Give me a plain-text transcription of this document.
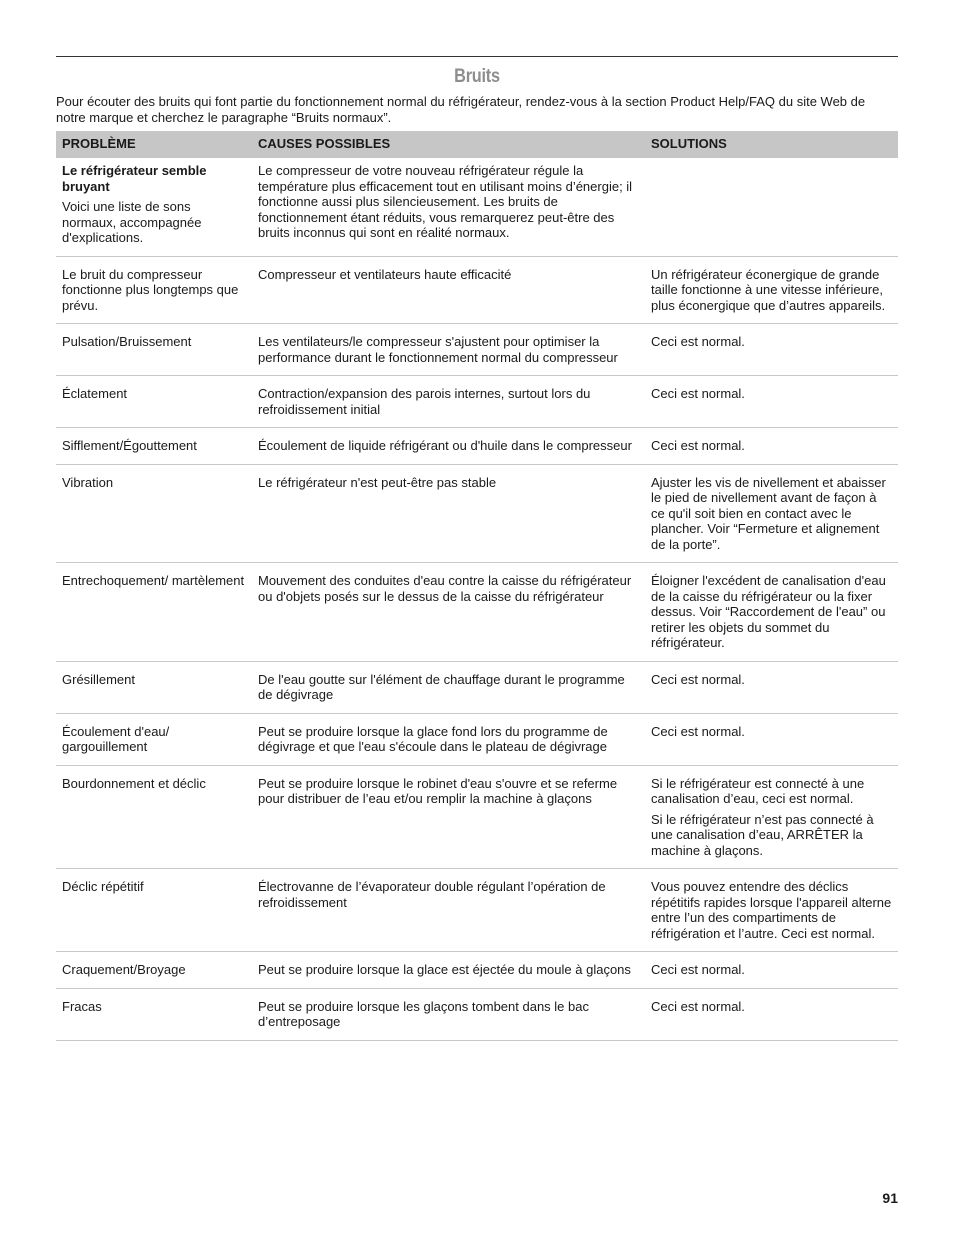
Bruits
Pour écouter des bruits qui font partie du fonctionnement normal du réfrigérateur, rendez-vous à la section Product Help/FAQ du site Web de notre marque et cherchez le paragraphe “Bruits normaux”.
PROBLÈME	CAUSES POSSIBLES	SOLUTIONS

Le réfrigérateur semble bruyant
Voici une liste de sons normaux, accompagnée d'explications.	Le compresseur de votre nouveau réfrigérateur régule la température plus efficacement tout en utilisant moins d’énergie; il fonctionne aussi plus silencieusement. Les bruits de fonctionnement étant réduits, vous remarquerez peut-être des bruits inconnus qui sont en réalité normaux.	
Le bruit du compresseur fonctionne plus longtemps que prévu.	Compresseur et ventilateurs haute efficacité	Un réfrigérateur éconergique de grande taille fonctionne à une vitesse inférieure, plus éconergique que d’autres appareils.
Pulsation/Bruissement	Les ventilateurs/le compresseur s'ajustent pour optimiser la performance durant le fonctionnement normal du compresseur	Ceci est normal.
Éclatement	Contraction/expansion des parois internes, surtout lors du refroidissement initial	Ceci est normal.
Sifflement/Égouttement	Écoulement de liquide réfrigérant ou d'huile dans le compresseur	Ceci est normal.
Vibration	Le réfrigérateur n'est peut-être pas stable	Ajuster les vis de nivellement et abaisser le pied de nivellement avant de façon à ce qu'il soit bien en contact avec le plancher. Voir “Fermeture et alignement de la porte”.
Entrechoquement/ martèlement	Mouvement des conduites d'eau contre la caisse du réfrigérateur ou d'objets posés sur le dessus de la caisse du réfrigérateur	Éloigner l'excédent de canalisation d'eau de la caisse du réfrigérateur ou la fixer dessus. Voir “Raccordement de l'eau” ou retirer les objets du sommet du réfrigérateur.
Grésillement	De l'eau goutte sur l'élément de chauffage durant le programme de dégivrage	Ceci est normal.
Écoulement d'eau/ gargouillement	Peut se produire lorsque la glace fond lors du programme de dégivrage et que l'eau s'écoule dans le plateau de dégivrage	Ceci est normal.
Bourdonnement et déclic	Peut se produire lorsque le robinet d'eau s'ouvre et se referme pour distribuer de l’eau et/ou remplir la machine à glaçons	Si le réfrigérateur est connecté à une canalisation d’eau, ceci est normal.
Si le réfrigérateur n’est pas connecté à une canalisation d’eau, ARRÊTER la machine à glaçons.

Déclic répétitif	Électrovanne de l’évaporateur double régulant l’opération de refroidissement	Vous pouvez entendre des déclics répétitifs rapides lorsque l'appareil alterne entre l’un des compartiments de réfrigération et l’autre. Ceci est normal.
Craquement/Broyage	Peut se produire lorsque la glace est éjectée du moule à glaçons	Ceci est normal.
Fracas	Peut se produire lorsque les glaçons tombent dans le bac d’entreposage	Ceci est normal.
91
